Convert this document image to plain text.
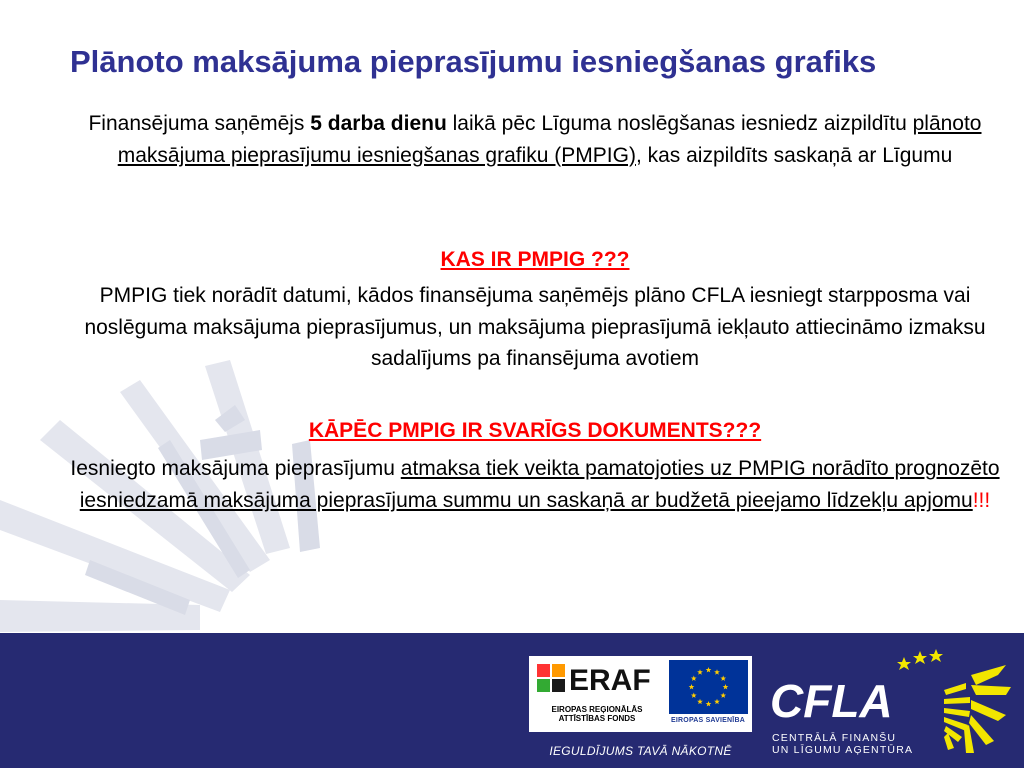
Plānoto maksājuma pieprasījumu iesniegšanas grafiks

Finansējuma saņēmējs 5 darba dienu laikā pēc Līguma noslēgšanas iesniedz aizpildītu plānoto maksājuma pieprasījumu iesniegšanas grafiku (PMPIG), kas aizpildīts saskaņā ar Līgumu

KAS IR PMPIG ???

PMPIG tiek norādīt datumi, kādos finansējuma saņēmējs plāno CFLA iesniegt starpposma vai noslēguma maksājuma pieprasījumus, un maksājuma pieprasījumā iekļauto attiecināmo izmaksu sadalījums pa finansējuma avotiem

KĀPĒC PMPIG IR SVARĪGS DOKUMENTS???

Iesniegto maksājuma pieprasījumu atmaksa tiek veikta pamatojoties uz PMPIG norādīto prognozēto iesniedzamā maksājuma pieprasījuma summu un saskaņā ar budžetā pieejamo līdzekļu apjomu!!!

ERAF
EIROPAS REĢIONĀLĀS
ATTĪSTĪBAS FONDS	EIROPAS SAVIENĪBA
IEGULDĪJUMS TAVĀ NĀKOTNĒ
CFLA
CENTRĀLĀ FINANŠU
UN LĪGUMU AĢENTŪRA
